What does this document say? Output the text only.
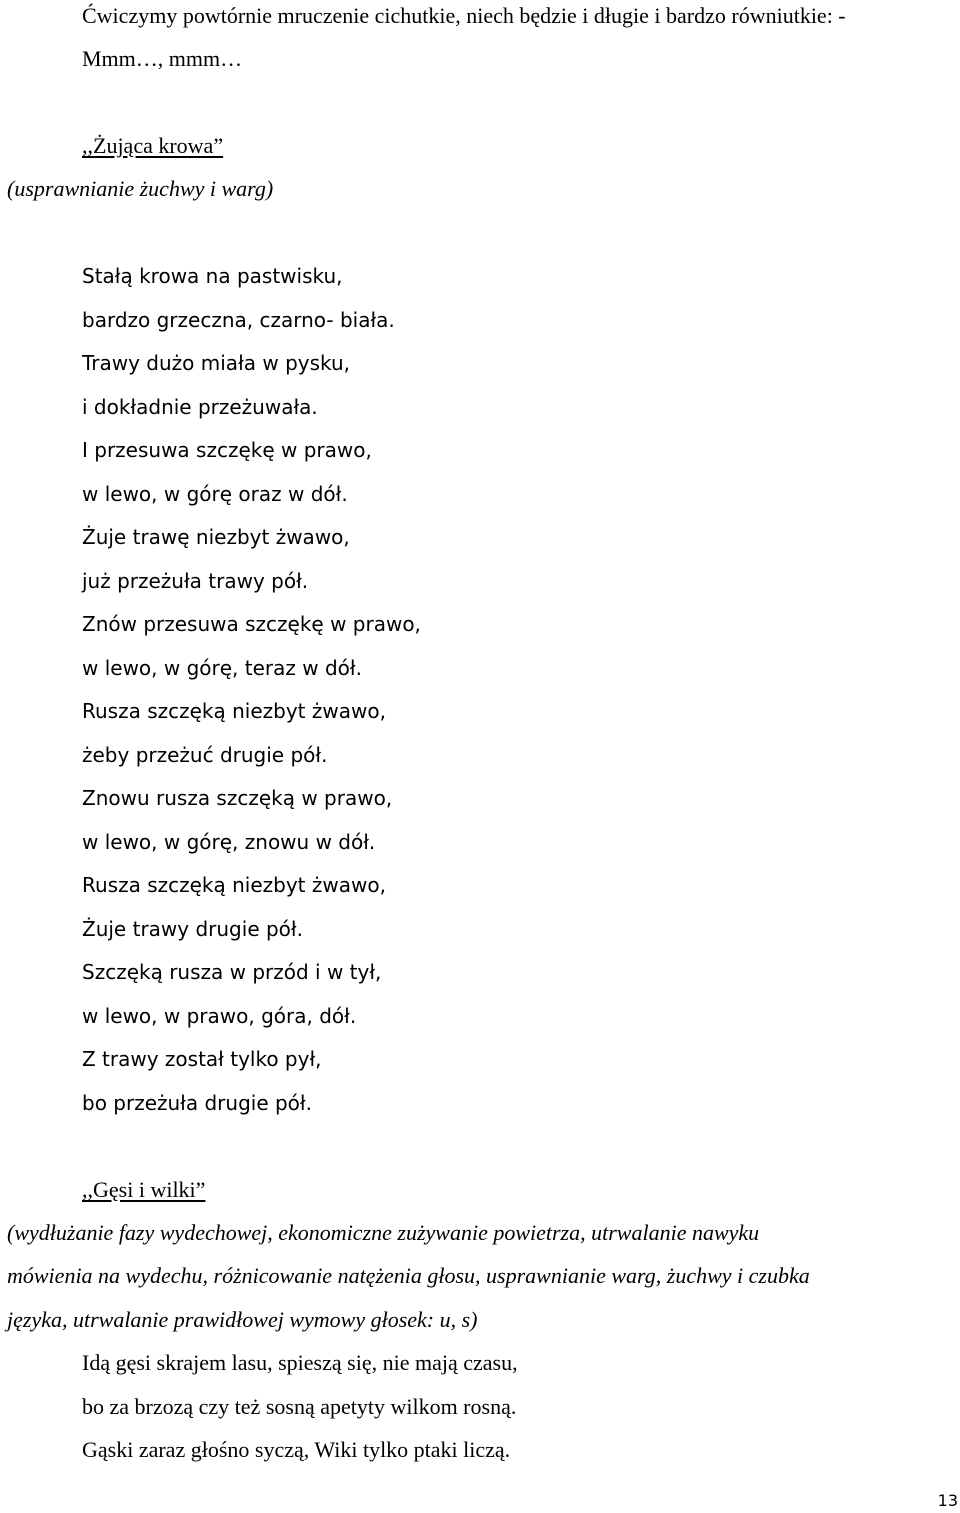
Ćwiczymy powtórnie mruczenie cichutkie, niech będzie i długie i bardzo równiutkie: -
Mmm…, mmm…
,,Żująca krowa”
(usprawnianie żuchwy i warg)
Stałą krowa na pastwisku,
bardzo grzeczna, czarno- biała.
Trawy dużo miała w pysku,
i dokładnie przeżuwała.
I przesuwa szczękę w prawo,
w lewo, w górę oraz w dół.
Żuje trawę niezbyt żwawo,
już przeżuła trawy pół.
Znów przesuwa szczękę w prawo,
w lewo, w górę, teraz w dół.
Rusza szczęką niezbyt żwawo,
żeby przeżuć drugie pół.
Znowu rusza szczęką w prawo,
w lewo, w górę, znowu w dół.
Rusza szczęką niezbyt żwawo,
Żuje trawy drugie pół.
Szczęką rusza w przód i w tył,
w lewo, w prawo, góra, dół.
Z trawy został tylko pył,
bo przeżuła drugie pół.
,,Gęsi i wilki”
(wydłużanie fazy wydechowej, ekonomiczne zużywanie powietrza, utrwalanie nawyku
mówienia na wydechu, różnicowanie natężenia głosu, usprawnianie warg, żuchwy i czubka
języka, utrwalanie prawidłowej wymowy głosek: u, s)
Idą gęsi skrajem lasu, spieszą się, nie mają czasu,
bo za brzozą czy też sosną apetyty wilkom rosną.
Gąski zaraz głośno syczą, Wiki tylko ptaki liczą.
13
